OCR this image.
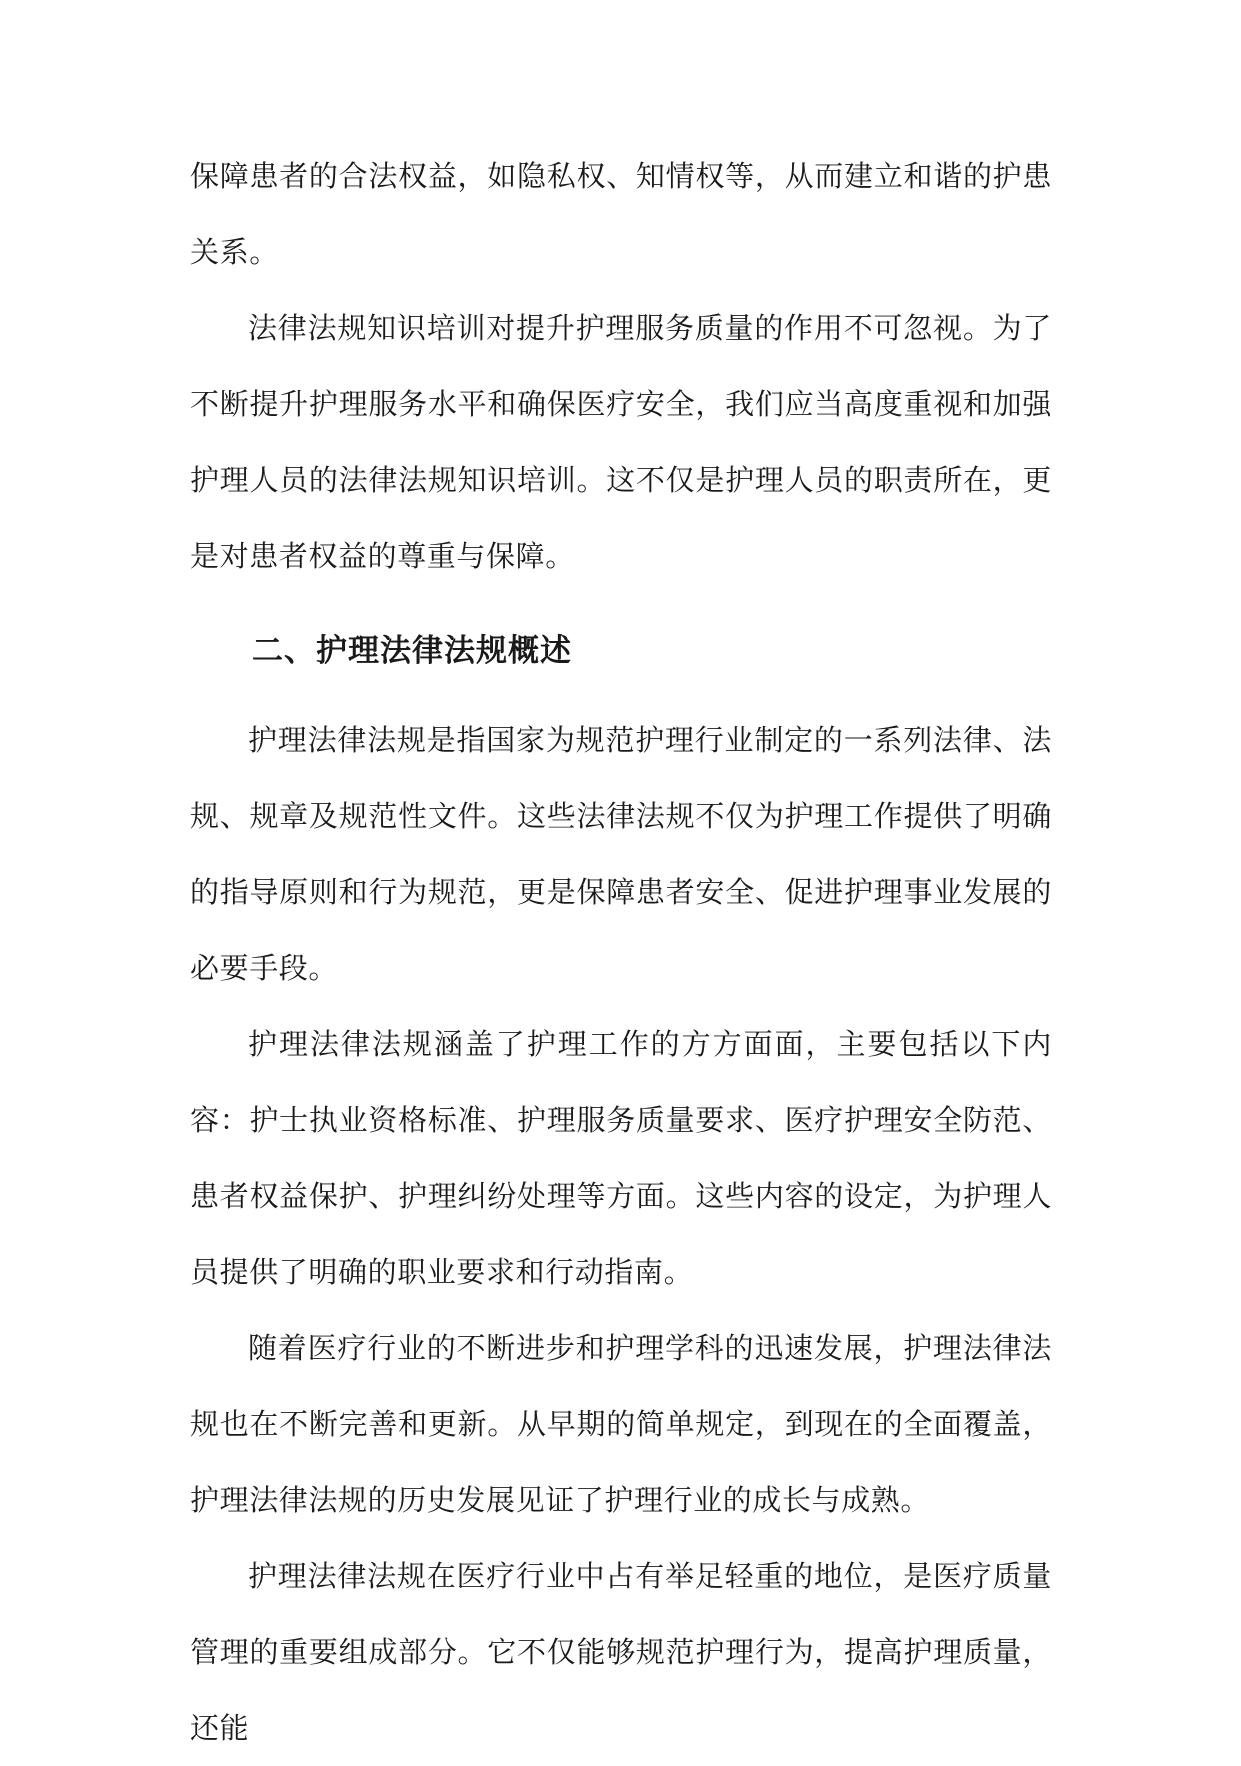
保障患者的合法权益，如隐私权、知情权等，从而建立和谐的护患关系。

法律法规知识培训对提升护理服务质量的作用不可忽视。为了不断提升护理服务水平和确保医疗安全，我们应当高度重视和加强护理人员的法律法规知识培训。这不仅是护理人员的职责所在，更是对患者权益的尊重与保障。

二、护理法律法规概述

护理法律法规是指国家为规范护理行业制定的一系列法律、法规、规章及规范性文件。这些法律法规不仅为护理工作提供了明确的指导原则和行为规范，更是保障患者安全、促进护理事业发展的必要手段。

护理法律法规涵盖了护理工作的方方面面，主要包括以下内容：护士执业资格标准、护理服务质量要求、医疗护理安全防范、患者权益保护、护理纠纷处理等方面。这些内容的设定，为护理人员提供了明确的职业要求和行动指南。

随着医疗行业的不断进步和护理学科的迅速发展，护理法律法规也在不断完善和更新。从早期的简单规定，到现在的全面覆盖，护理法律法规的历史发展见证了护理行业的成长与成熟。

护理法律法规在医疗行业中占有举足轻重的地位，是医疗质量管理的重要组成部分。它不仅能够规范护理行为，提高护理质量，还能
